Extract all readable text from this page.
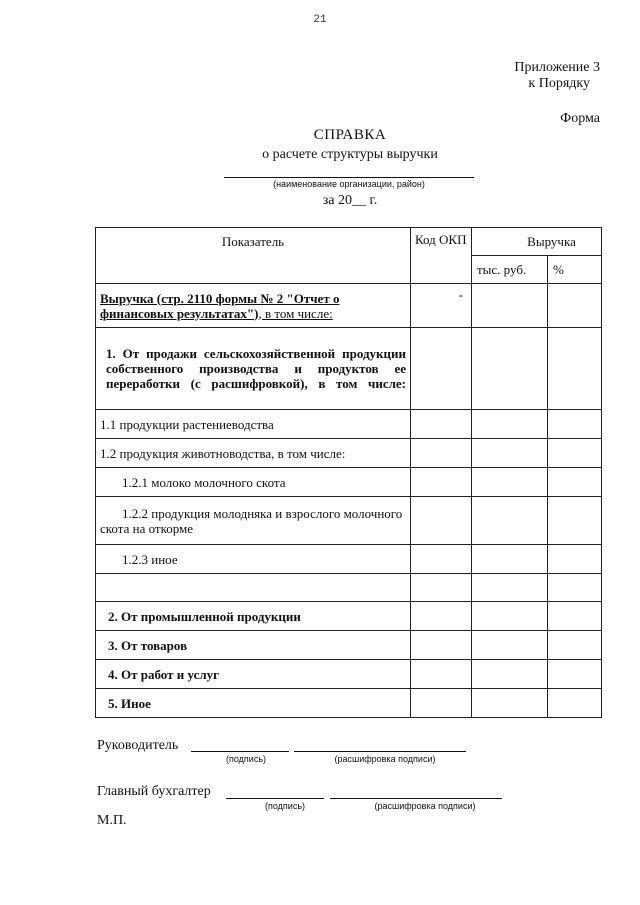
21
Приложение 3
к Порядку
Форма
СПРАВКА
о расчете структуры выручки
(наименование организации, район)
за 20__ г.
Показатель	Код ОКП	Выручка	
		тыс. руб.	%
Выручка (стр. 2110 формы № 2 "Отчет о финансовых результатах"), в том числе:	-		
1. От продажи сельскохозяйственной продукции собственного производства и продуктов ее переработки (с расшифровкой), в том числе:			
1.1 продукции растениеводства			
1.2 продукция животноводства, в том числе:			
1.2.1 молоко молочного скота			
1.2.2 продукция молодняка и взрослого молочного скота на откорме			
1.2.3 иное			

2. От промышленной продукции			
3. От товаров			
4. От работ и услуг			
5. Иное			
Руководитель
(подпись)	(расшифровка подписи)
Главный бухгалтер
(подпись)	(расшифровка подписи)
М.П.
